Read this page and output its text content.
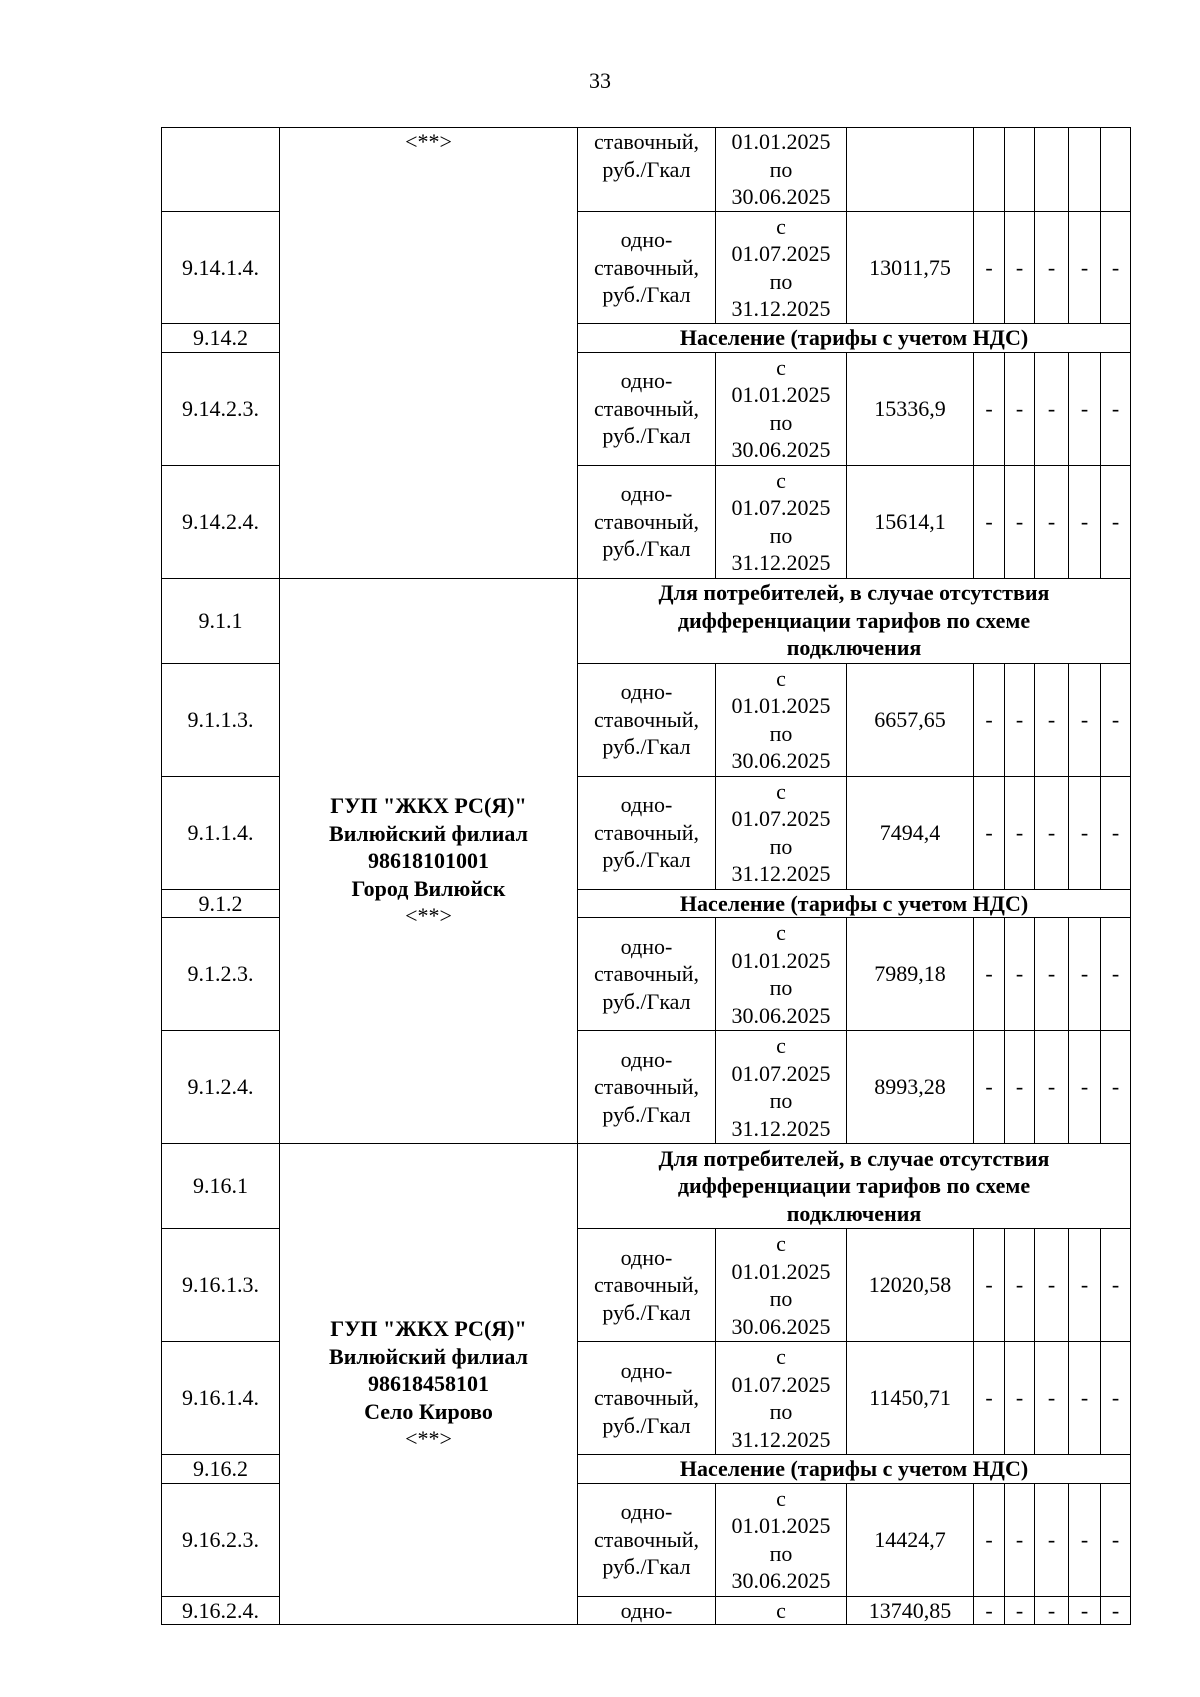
33

	<**>	ставочный,
руб./Гкал	01.01.2025
по
30.06.2025						

9.14.1.4.		одно-
ставочный,
руб./Гкал	с
01.07.2025
по
31.12.2025	13011,75	-	-	-	-	-
9.14.2		Население (тарифы с учетом НДС)							
9.14.2.3.		одно-
ставочный,
руб./Гкал	с
01.01.2025
по
30.06.2025	15336,9	-	-	-	-	-
9.14.2.4.		одно-
ставочный,
руб./Гкал	с
01.07.2025
по
31.12.2025	15614,1	-	-	-	-	-
9.1.1	ГУП "ЖКХ РС(Я)"
Вилюйский филиал
98618101001
Город Вилюйск
<**>	Для потребителей, в случае отсутствия дифференциации тарифов по схеме подключения							
9.1.1.3.		одно-
ставочный,
руб./Гкал	с
01.01.2025
по
30.06.2025	6657,65	-	-	-	-	-
9.1.1.4.		одно-
ставочный,
руб./Гкал	с
01.07.2025
по
31.12.2025	7494,4	-	-	-	-	-
9.1.2		Население (тарифы с учетом НДС)							
9.1.2.3.		одно-
ставочный,
руб./Гкал	с
01.01.2025
по
30.06.2025	7989,18	-	-	-	-	-
9.1.2.4.		одно-
ставочный,
руб./Гкал	с
01.07.2025
по
31.12.2025	8993,28	-	-	-	-	-
9.16.1	ГУП "ЖКХ РС(Я)"
Вилюйский филиал
98618458101
Село Кирово
<**>	Для потребителей, в случае отсутствия дифференциации тарифов по схеме подключения							
9.16.1.3.		одно-
ставочный,
руб./Гкал	с
01.01.2025
по
30.06.2025	12020,58	-	-	-	-	-
9.16.1.4.		одно-
ставочный,
руб./Гкал	с
01.07.2025
по
31.12.2025	11450,71	-	-	-	-	-
9.16.2		Население (тарифы с учетом НДС)							
9.16.2.3.		одно-
ставочный,
руб./Гкал	с
01.01.2025
по
30.06.2025	14424,7	-	-	-	-	-
9.16.2.4.		одно-	с	13740,85	-	-	-	-	-
